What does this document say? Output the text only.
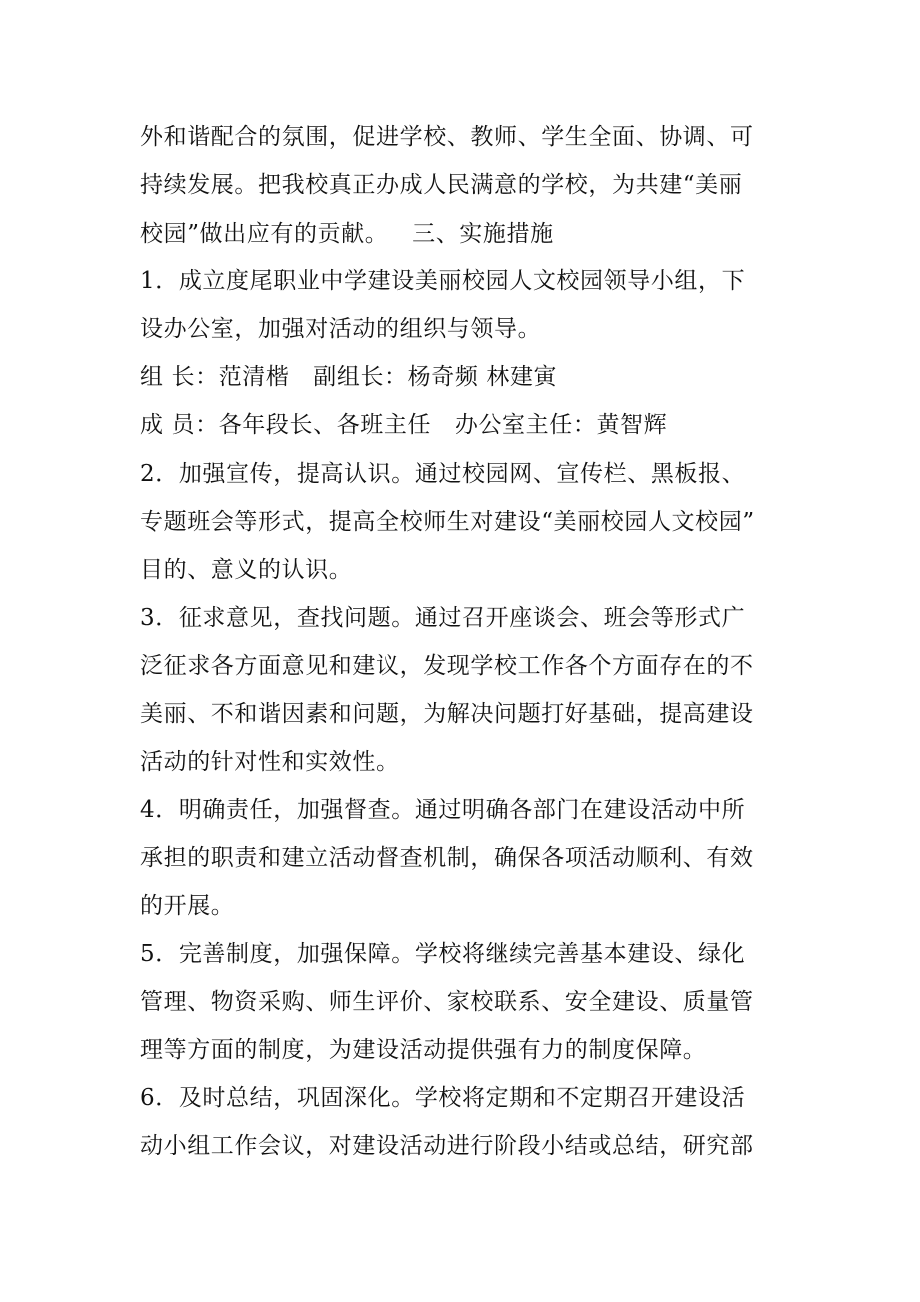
外和谐配合的氛围，促进学校、教师、学生全面、协调、可
持续发展。把我校真正办成人民满意的学校，为共建“美丽
校园”做出应有的贡献。   三、实施措施
1．成立度尾职业中学建设美丽校园人文校园领导小组，下
设办公室，加强对活动的组织与领导。
组 长：范清楷   副组长：杨奇频 林建寅
成 员：各年段长、各班主任   办公室主任：黄智辉
2．加强宣传，提高认识。通过校园网、宣传栏、黑板报、
专题班会等形式，提高全校师生对建设“美丽校园人文校园”
目的、意义的认识。
3．征求意见，查找问题。通过召开座谈会、班会等形式广
泛征求各方面意见和建议，发现学校工作各个方面存在的不
美丽、不和谐因素和问题，为解决问题打好基础，提高建设
活动的针对性和实效性。
4．明确责任，加强督查。通过明确各部门在建设活动中所
承担的职责和建立活动督查机制，确保各项活动顺利、有效
的开展。
5．完善制度，加强保障。学校将继续完善基本建设、绿化
管理、物资采购、师生评价、家校联系、安全建设、质量管
理等方面的制度，为建设活动提供强有力的制度保障。
6．及时总结，巩固深化。学校将定期和不定期召开建设活
动小组工作会议，对建设活动进行阶段小结或总结，研究部
